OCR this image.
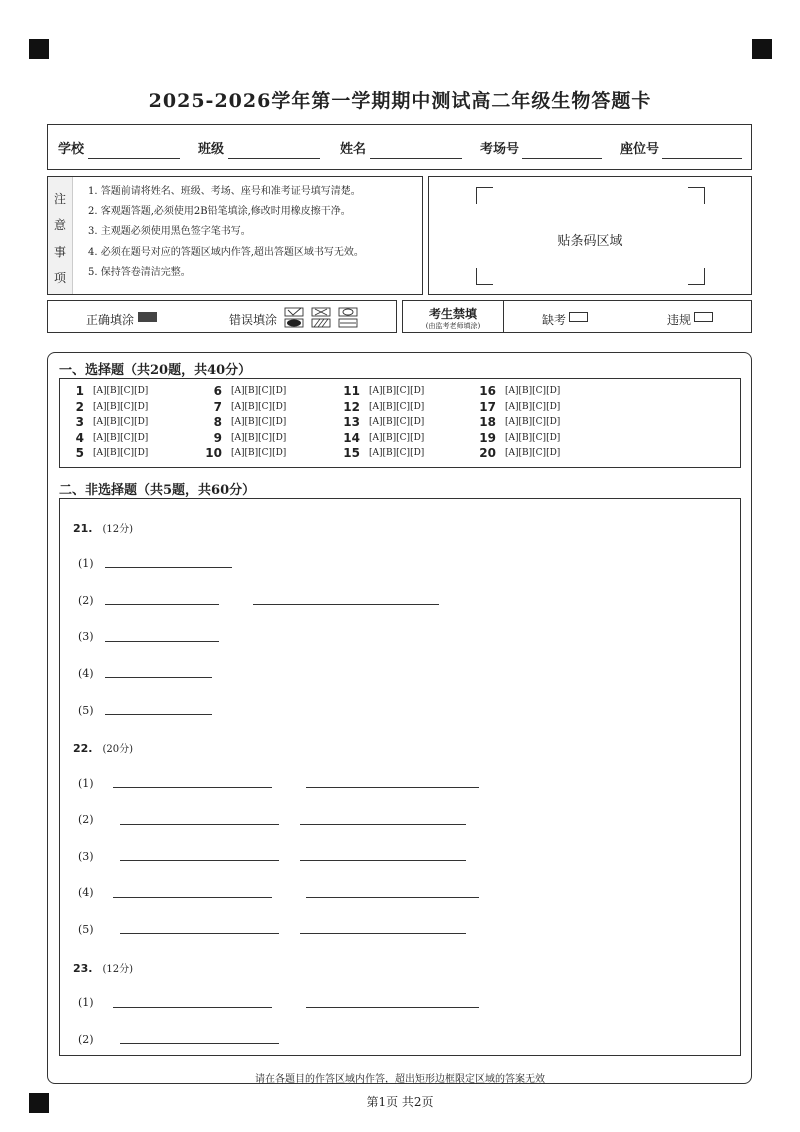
2025-2026学年第一学期期中测试高二年级生物答题卡
学校	班级	姓名	考场号	座位号
注
意
事
项
1. 答题前请将姓名、班级、考场、座号和准考证号填写清楚。
2. 客观题答题,必须使用2B铅笔填涂,修改时用橡皮擦干净。
3. 主观题必须使用黑色签字笔书写。
4. 必须在题号对应的答题区域内作答,超出答题区域书写无效。
5. 保持答卷清洁完整。
贴条码区域
正确填涂	错误填涂	考生禁填
(由监考老师填涂)	缺考	违规
一、选择题（共20题，共40分）
1 [A][B][C][D]	6 [A][B][C][D]	11 [A][B][C][D]	16 [A][B][C][D]
2 [A][B][C][D]	7 [A][B][C][D]	12 [A][B][C][D]	17 [A][B][C][D]
3 [A][B][C][D]	8 [A][B][C][D]	13 [A][B][C][D]	18 [A][B][C][D]
4 [A][B][C][D]	9 [A][B][C][D]	14 [A][B][C][D]	19 [A][B][C][D]
5 [A][B][C][D]	10 [A][B][C][D]	15 [A][B][C][D]	20 [A][B][C][D]
二、非选择题（共5题，共60分）
21. (12分)
(1)
(2)
(3)
(4)
(5)
22. (20分)
(1)
(2)
(3)
(4)
(5)
23. (12分)
(1)
(2)
请在各题目的作答区域内作答，超出矩形边框限定区域的答案无效
第1页 共2页
